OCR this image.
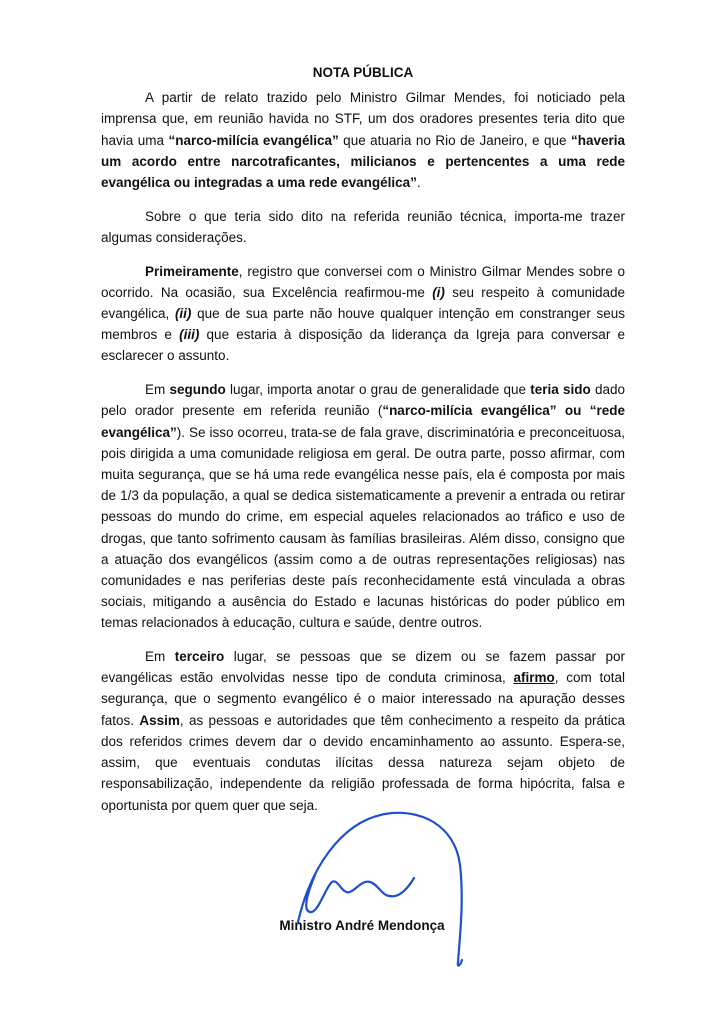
NOTA PÚBLICA

A partir de relato trazido pelo Ministro Gilmar Mendes, foi noticiado pela imprensa que, em reunião havida no STF, um dos oradores presentes teria dito que havia uma “narco-milícia evangélica” que atuaria no Rio de Janeiro, e que “haveria um acordo entre narcotraficantes, milicianos e pertencentes a uma rede evangélica ou integradas a uma rede evangélica”.

Sobre o que teria sido dito na referida reunião técnica, importa-me trazer algumas considerações.

Primeiramente, registro que conversei com o Ministro Gilmar Mendes sobre o ocorrido. Na ocasião, sua Excelência reafirmou-me (i) seu respeito à comunidade evangélica, (ii) que de sua parte não houve qualquer intenção em constranger seus membros e (iii) que estaria à disposição da liderança da Igreja para conversar e esclarecer o assunto.

Em segundo lugar, importa anotar o grau de generalidade que teria sido dado pelo orador presente em referida reunião (“narco-milícia evangélica” ou “rede evangélica”). Se isso ocorreu, trata-se de fala grave, discriminatória e preconceituosa, pois dirigida a uma comunidade religiosa em geral. De outra parte, posso afirmar, com muita segurança, que se há uma rede evangélica nesse país, ela é composta por mais de 1/3 da população, a qual se dedica sistematicamente a prevenir a entrada ou retirar pessoas do mundo do crime, em especial aqueles relacionados ao tráfico e uso de drogas, que tanto sofrimento causam às famílias brasileiras. Além disso, consigno que a atuação dos evangélicos (assim como a de outras representações religiosas) nas comunidades e nas periferias deste país reconhecidamente está vinculada a obras sociais, mitigando a ausência do Estado e lacunas históricas do poder público em temas relacionados à educação, cultura e saúde, dentre outros.

Em terceiro lugar, se pessoas que se dizem ou se fazem passar por evangélicas estão envolvidas nesse tipo de conduta criminosa, afirmo, com total segurança, que o segmento evangélico é o maior interessado na apuração desses fatos. Assim, as pessoas e autoridades que têm conhecimento a respeito da prática dos referidos crimes devem dar o devido encaminhamento ao assunto. Espera-se, assim, que eventuais condutas ilícitas dessa natureza sejam objeto de responsabilização, independente da religião professada de forma hipócrita, falsa e oportunista por quem quer que seja.

Ministro André Mendonça
